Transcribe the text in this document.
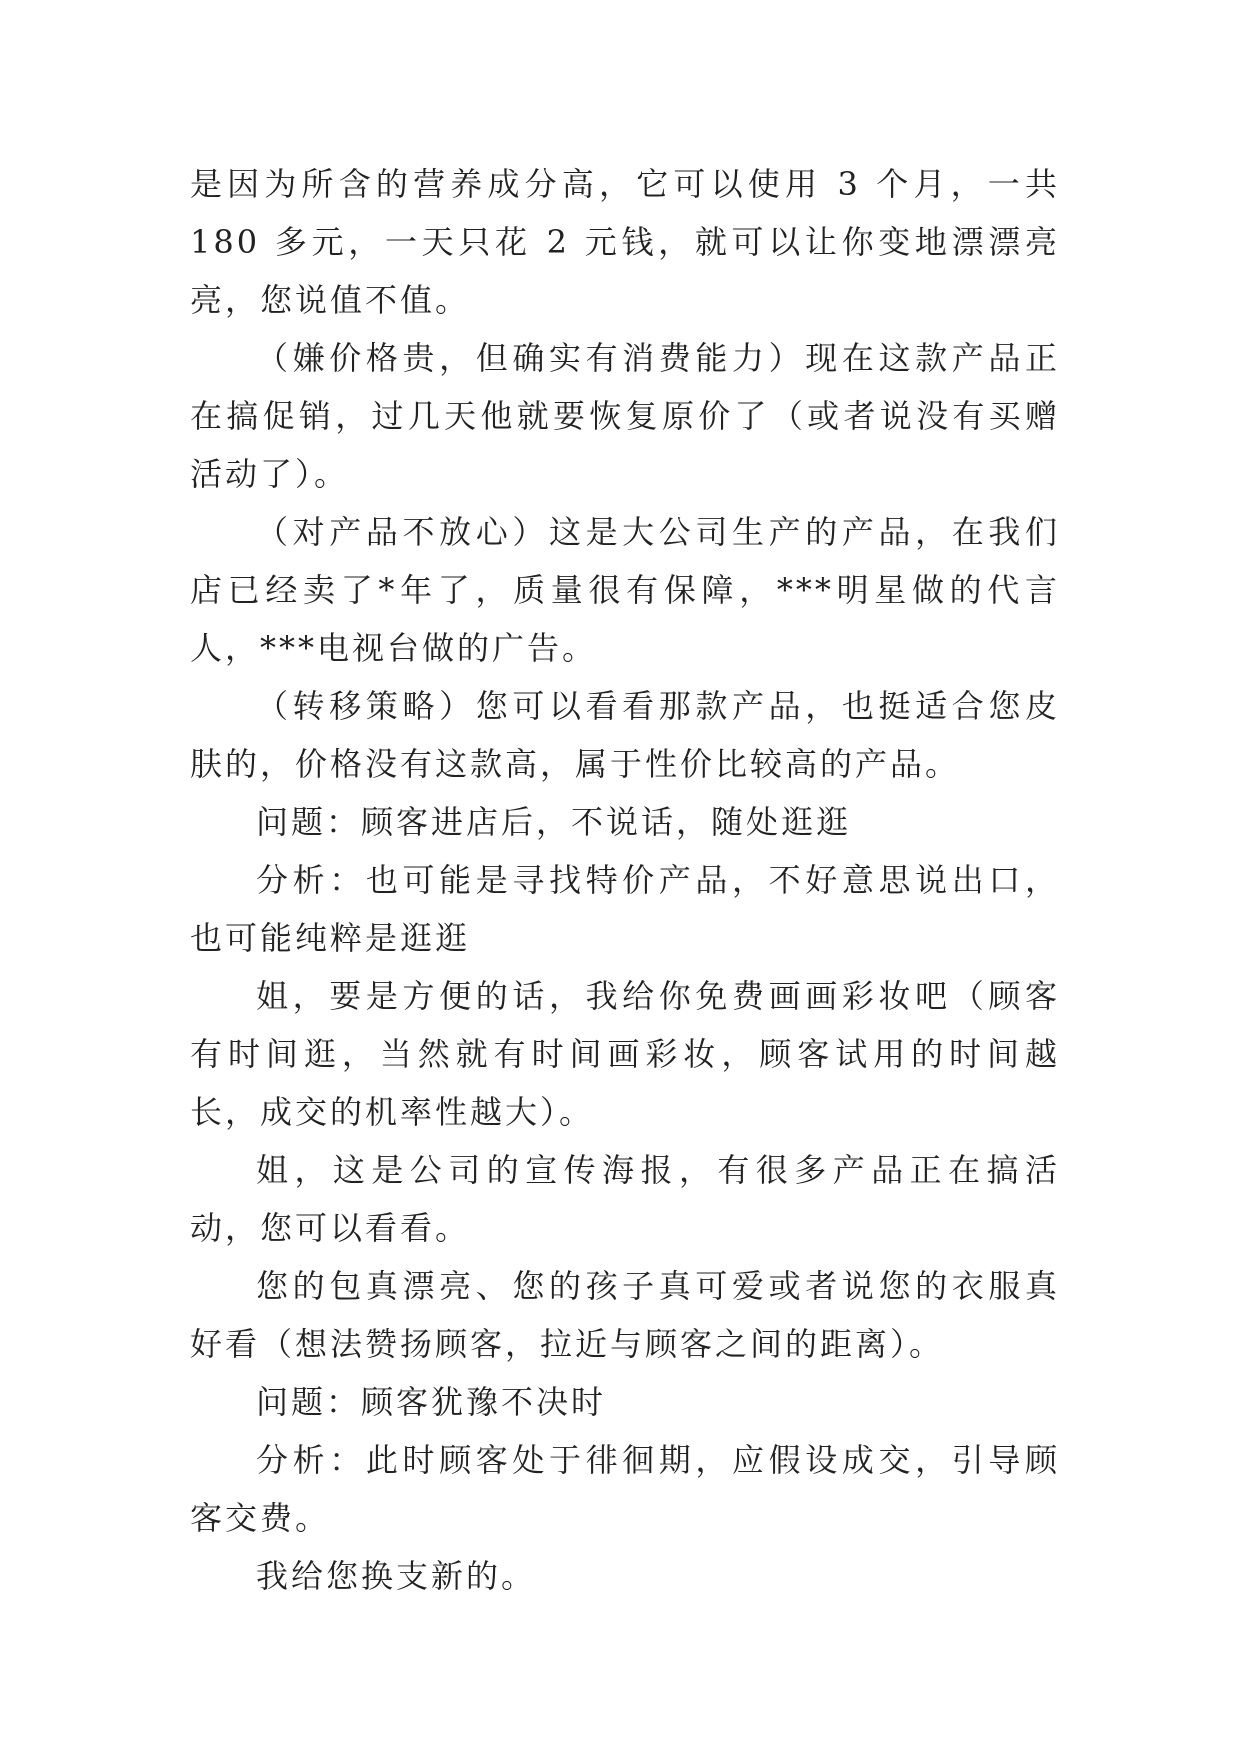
是因为所含的营养成分高，它可以使用 3 个月，一共 180 多元，一天只花 2 元钱，就可以让你变地漂漂亮亮，您说值不值。

（嫌价格贵，但确实有消费能力）现在这款产品正在搞促销，过几天他就要恢复原价了（或者说没有买赠活动了）。

（对产品不放心）这是大公司生产的产品，在我们店已经卖了*年了，质量很有保障，***明星做的代言人，***电视台做的广告。

（转移策略）您可以看看那款产品，也挺适合您皮肤的，价格没有这款高，属于性价比较高的产品。

问题：顾客进店后，不说话，随处逛逛

分析：也可能是寻找特价产品，不好意思说出口，也可能纯粹是逛逛

姐，要是方便的话，我给你免费画画彩妆吧（顾客有时间逛，当然就有时间画彩妆，顾客试用的时间越长，成交的机率性越大）。

姐，这是公司的宣传海报，有很多产品正在搞活动，您可以看看。

您的包真漂亮、您的孩子真可爱或者说您的衣服真好看（想法赞扬顾客，拉近与顾客之间的距离）。

问题：顾客犹豫不决时

分析：此时顾客处于徘徊期，应假设成交，引导顾客交费。

我给您换支新的。
